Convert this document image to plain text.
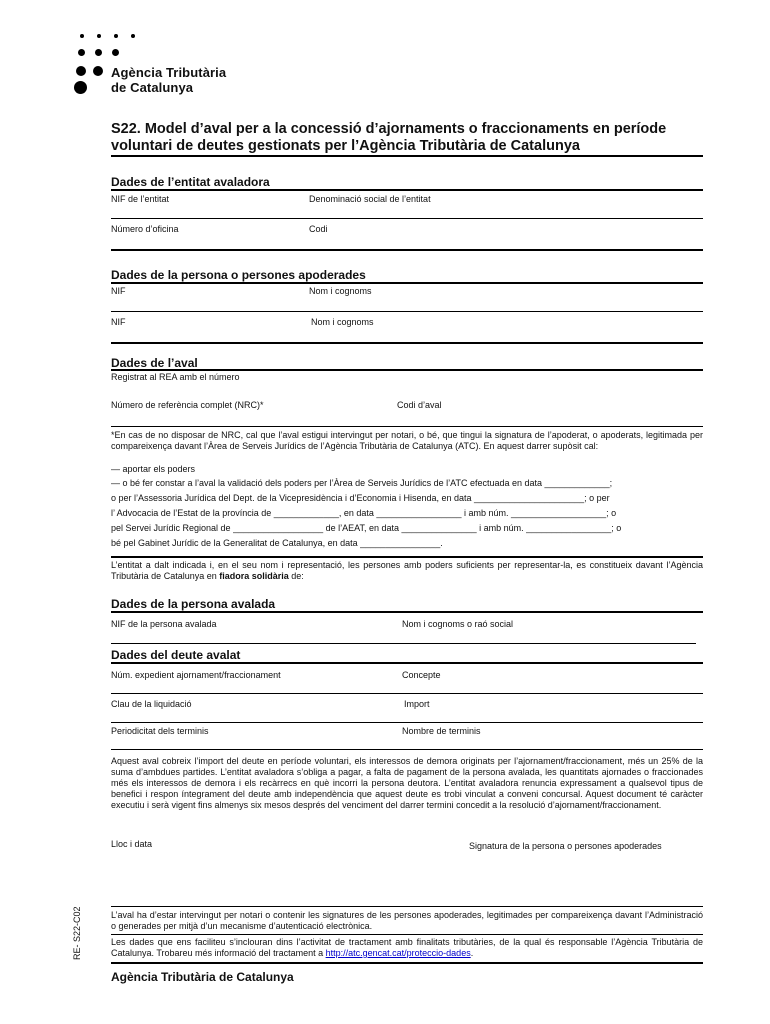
Agència Tributària
de Catalunya
S22. Model d’aval per a la concessió d’ajornaments o fraccionaments en període voluntari de deutes gestionats per l’Agència Tributària de Catalunya
Dades de l’entitat avaladora
NIF de l’entitat	Denominació social de l’entitat
Número d’oficina	Codi
Dades de la persona o persones apoderades
NIF	Nom i cognoms
NIF	Nom i cognoms
Dades de l’aval
Registrat al REA amb el número
Número de referència complet (NRC)*	Codi d’aval
*En cas de no disposar de NRC, cal que l’aval estigui intervingut per notari, o bé, que tingui la signatura de l’apoderat, o apoderats, legitimada per compareixença davant l’Àrea de Serveis Jurídics de l’Agència Tributària de Catalunya (ATC). En aquest darrer supòsit cal:
— aportar els poders
— o bé fer constar a l’aval la validació dels poders per l’Àrea de Serveis Jurídics de l’ATC efectuada en data _____________;
o per l’Assessoria Jurídica del Dept. de la Vicepresidència i d’Economia i Hisenda, en data ______________________; o per
l’ Advocacia de l’Estat de la província de _____________, en data _________________ i amb núm. ___________________; o
pel Servei Jurídic Regional de __________________ de l’AEAT, en data _______________ i amb núm. _________________; o
bé pel Gabinet Jurídic de la Generalitat de Catalunya, en data ________________.
L’entitat a dalt indicada i, en el seu nom i representació, les persones amb poders suficients per representar-la, es constitueix davant l’Agència Tributària de Catalunya en fiadora solidària de:
Dades de la persona avalada
NIF de la persona avalada	Nom i cognoms o raó social
Dades del deute avalat
Núm. expedient ajornament/fraccionament	Concepte
Clau de la liquidació	Import
Periodicitat dels terminis	Nombre de terminis
Aquest aval cobreix l’import del deute en període voluntari, els interessos de demora originats per l’ajornament/fraccionament, més un 25% de la suma d’ambdues partides. L’entitat avaladora s’obliga a pagar, a falta de pagament de la persona avalada, les quantitats ajornades o fraccionades més els interessos de demora i els recàrrecs en què incorri la persona deutora. L’entitat avaladora renuncia expressament a qualsevol tipus de benefici i respon íntegrament del deute amb independència que aquest deute es trobi vinculat a conveni concursal. Aquest document té caràcter executiu i serà vigent fins almenys six mesos després del venciment del darrer termini concedit a la resolució d’ajornament/fraccionament.
Lloc i data	Signatura de la persona o persones apoderades
RE- S22-C02	L’aval ha d’estar intervingut per notari o contenir les signatures de les persones apoderades, legitimades per compareixença davant l’Administració o generades per mitjà d’un mecanisme d’autenticació electrònica.
Les dades que ens faciliteu s’inclouran dins l’activitat de tractament amb finalitats tributàries, de la qual és responsable l’Agència Tributària de Catalunya. Trobareu més informació del tractament a http://atc.gencat.cat/proteccio-dades.
Agència Tributària de Catalunya
